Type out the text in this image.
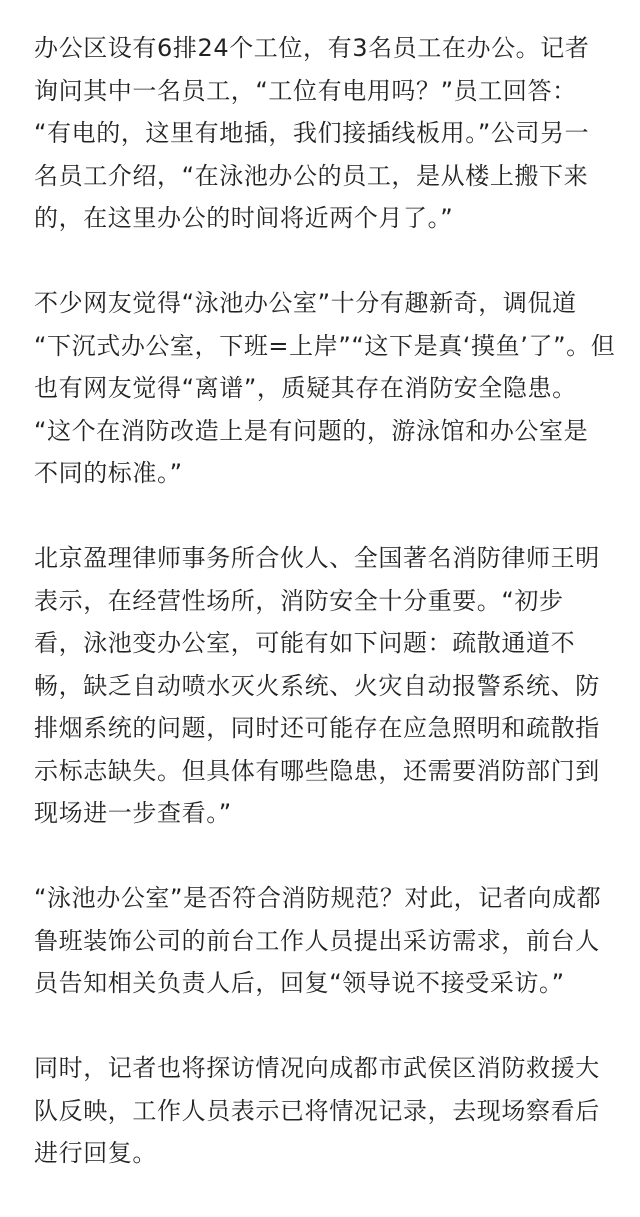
办公区设有6排24个工位，有3名员工在办公。记者
询问其中一名员工，“工位有电用吗？”员工回答：
“有电的，这里有地插，我们接插线板用。”公司另一
名员工介绍，“在泳池办公的员工，是从楼上搬下来
的，在这里办公的时间将近两个月了。”
不少网友觉得“泳池办公室”十分有趣新奇，调侃道
“下沉式办公室，下班=上岸”“这下是真‘摸鱼’了”。但
也有网友觉得“离谱”，质疑其存在消防安全隐患。
“这个在消防改造上是有问题的，游泳馆和办公室是
不同的标准。”
北京盈理律师事务所合伙人、全国著名消防律师王明
表示，在经营性场所，消防安全十分重要。“初步
看，泳池变办公室，可能有如下问题：疏散通道不
畅，缺乏自动喷水灭火系统、火灾自动报警系统、防
排烟系统的问题，同时还可能存在应急照明和疏散指
示标志缺失。但具体有哪些隐患，还需要消防部门到
现场进一步查看。”
“泳池办公室”是否符合消防规范？对此，记者向成都
鲁班装饰公司的前台工作人员提出采访需求，前台人
员告知相关负责人后，回复“领导说不接受采访。”
同时，记者也将探访情况向成都市武侯区消防救援大
队反映，工作人员表示已将情况记录，去现场察看后
进行回复。
